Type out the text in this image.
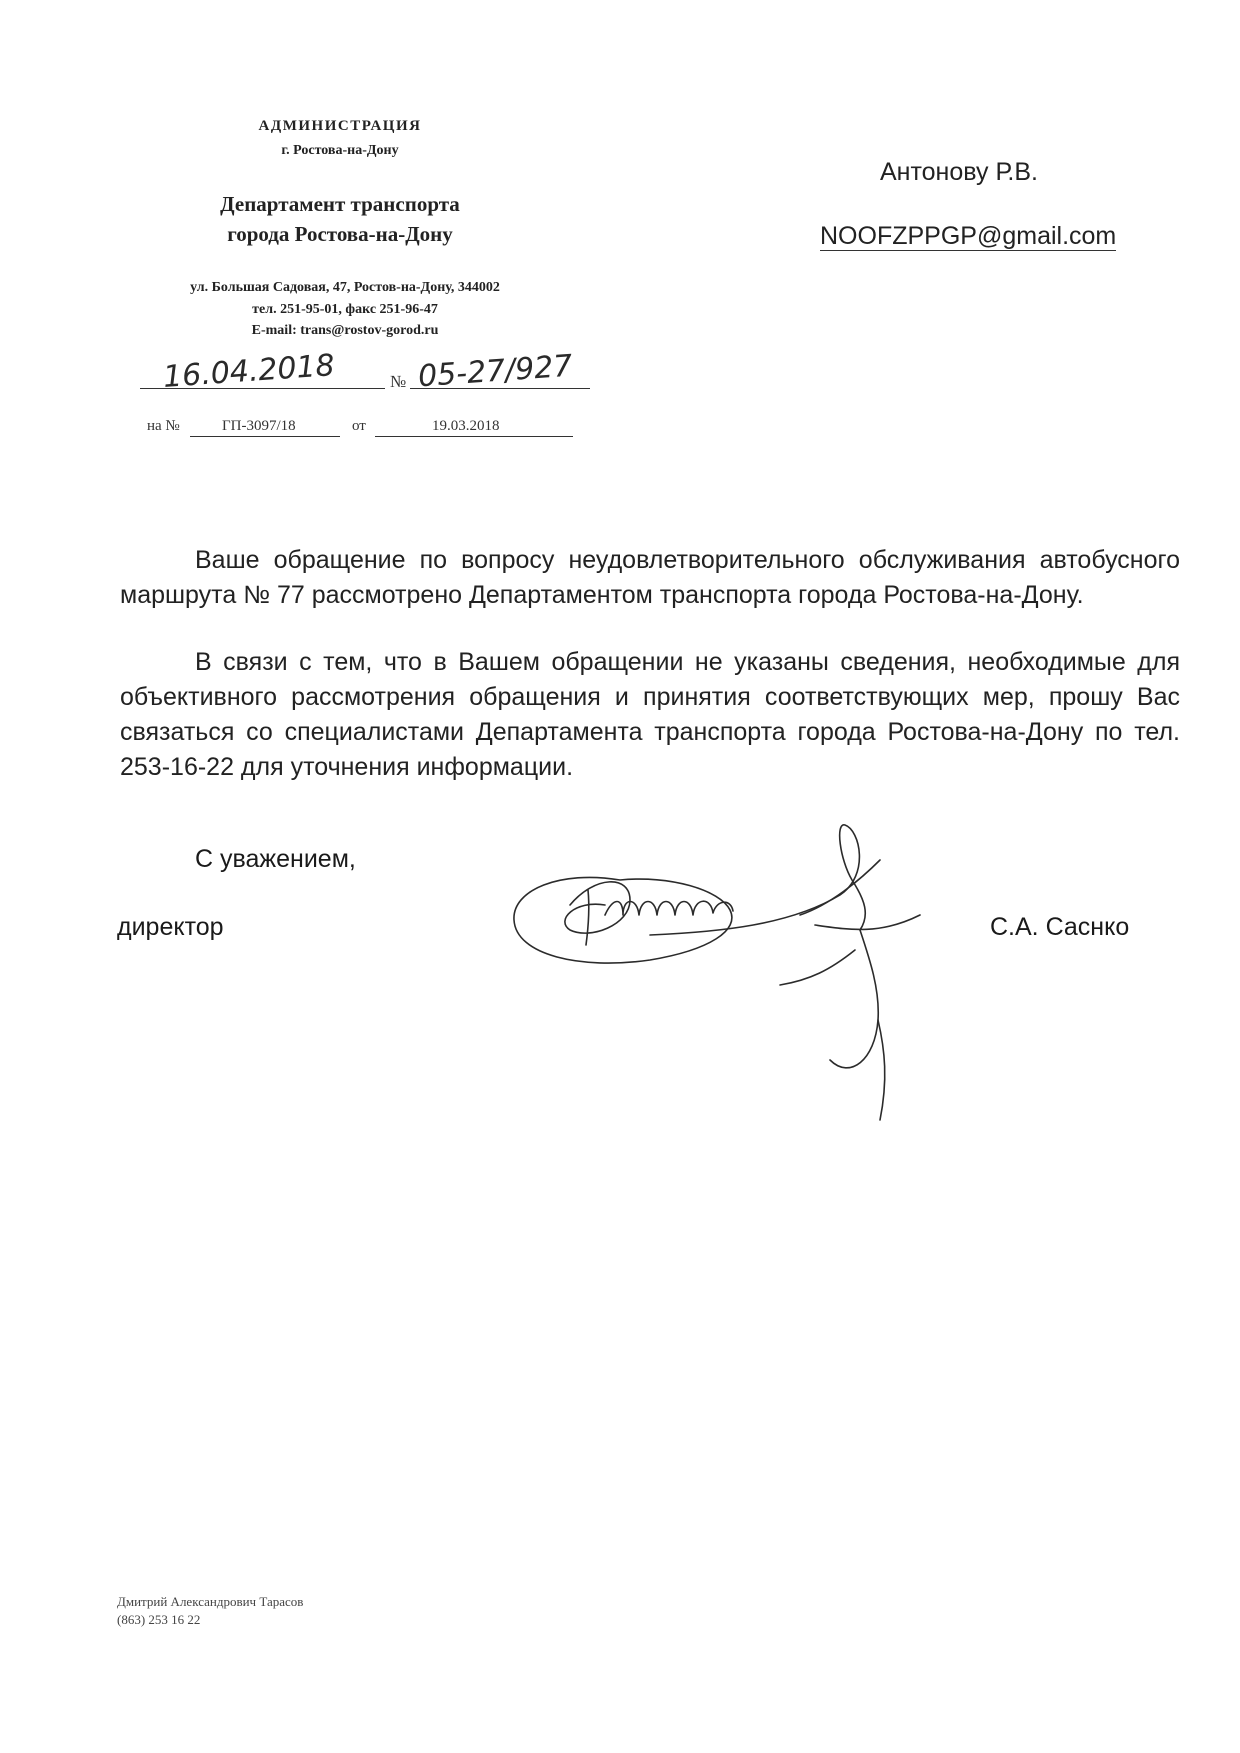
АДМИНИСТРАЦИЯ
г. Ростова-на-Дону
Департамент транспорта
города Ростова-на-Дону
ул. Большая Садовая, 47, Ростов-на-Дону, 344002
тел. 251-95-01, факс 251-96-47
E-mail: trans@rostov-gorod.ru
16.04.2018	№ 05-27/927
на №	ГП-3097/18	от	19.03.2018
Антонову Р.В.
NOOFZPPGP@gmail.com
Ваше обращение по вопросу неудовлетворительного обслуживания автобусного маршрута № 77 рассмотрено Департаментом транспорта города Ростова-на-Дону.
В связи с тем, что в Вашем обращении не указаны сведения, необходимые для объективного рассмотрения обращения и принятия соответствующих мер, прошу Вас связаться со специалистами Департамента транспорта города Ростова-на-Дону по тел. 253-16-22 для уточнения информации.
С уважением,
директор	С.А. Саснко
Дмитрий Александрович Тарасов
(863) 253 16 22
